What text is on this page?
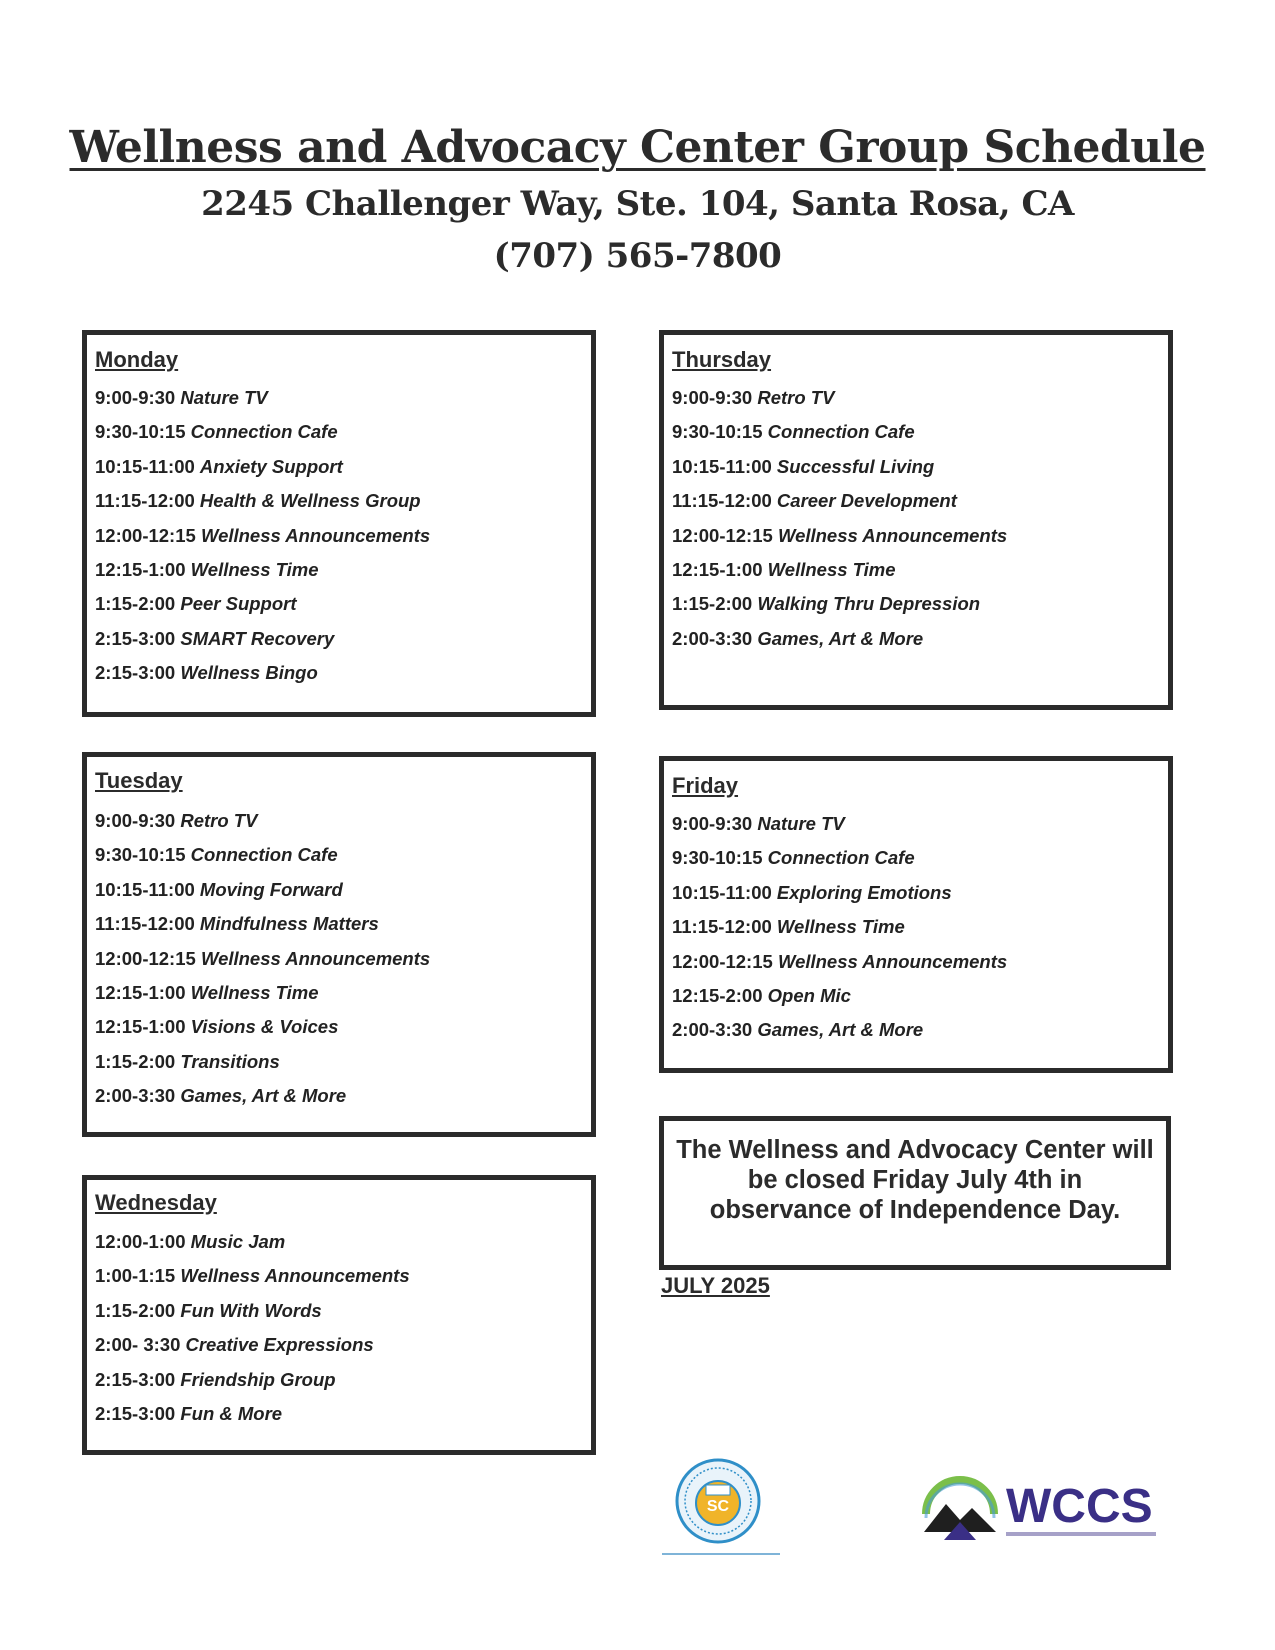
Wellness and Advocacy Center Group Schedule
2245 Challenger Way, Ste. 104, Santa Rosa, CA
(707) 565-7800
Monday
9:00-9:30 Nature TV
9:30-10:15 Connection Cafe
10:15-11:00 Anxiety Support
11:15-12:00 Health & Wellness Group
12:00-12:15 Wellness Announcements
12:15-1:00 Wellness Time
1:15-2:00 Peer Support
2:15-3:00 SMART Recovery
2:15-3:00 Wellness Bingo
Thursday
9:00-9:30 Retro TV
9:30-10:15 Connection Cafe
10:15-11:00 Successful Living
11:15-12:00 Career Development
12:00-12:15 Wellness Announcements
12:15-1:00 Wellness Time
1:15-2:00 Walking Thru Depression
2:00-3:30 Games, Art & More
Tuesday
9:00-9:30 Retro TV
9:30-10:15 Connection Cafe
10:15-11:00 Moving Forward
11:15-12:00 Mindfulness Matters
12:00-12:15 Wellness Announcements
12:15-1:00 Wellness Time
12:15-1:00 Visions & Voices
1:15-2:00 Transitions
2:00-3:30 Games, Art & More
Friday
9:00-9:30 Nature TV
9:30-10:15 Connection Cafe
10:15-11:00 Exploring Emotions
11:15-12:00 Wellness Time
12:00-12:15 Wellness Announcements
12:15-2:00 Open Mic
2:00-3:30 Games, Art & More
Wednesday
12:00-1:00 Music Jam
1:00-1:15 Wellness Announcements
1:15-2:00 Fun With Words
2:00- 3:30 Creative Expressions
2:15-3:00 Friendship Group
2:15-3:00 Fun & More
The Wellness and Advocacy Center will be closed Friday July 4th in observance of Independence Day.
JULY 2025
SC	WCCS
